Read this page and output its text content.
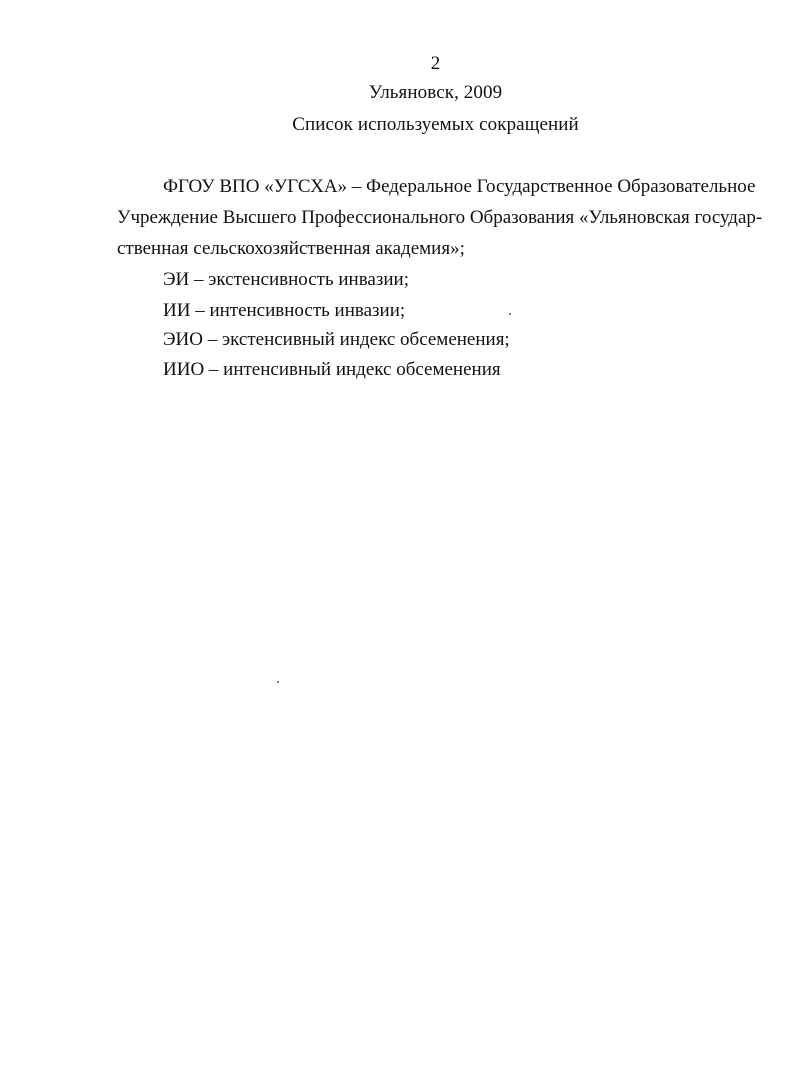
2
Ульяновск, 2009
Список используемых сокращений
ФГОУ ВПО «УГСХА» – Федеральное Государственное Образовательное
Учреждение Высшего Профессионального Образования «Ульяновская государ-
ственная сельскохозяйственная академия»;
ЭИ – экстенсивность инвазии;
ИИ – интенсивность инвазии;
ЭИО – экстенсивный индекс обсеменения;
ИИО – интенсивный индекс обсеменения
